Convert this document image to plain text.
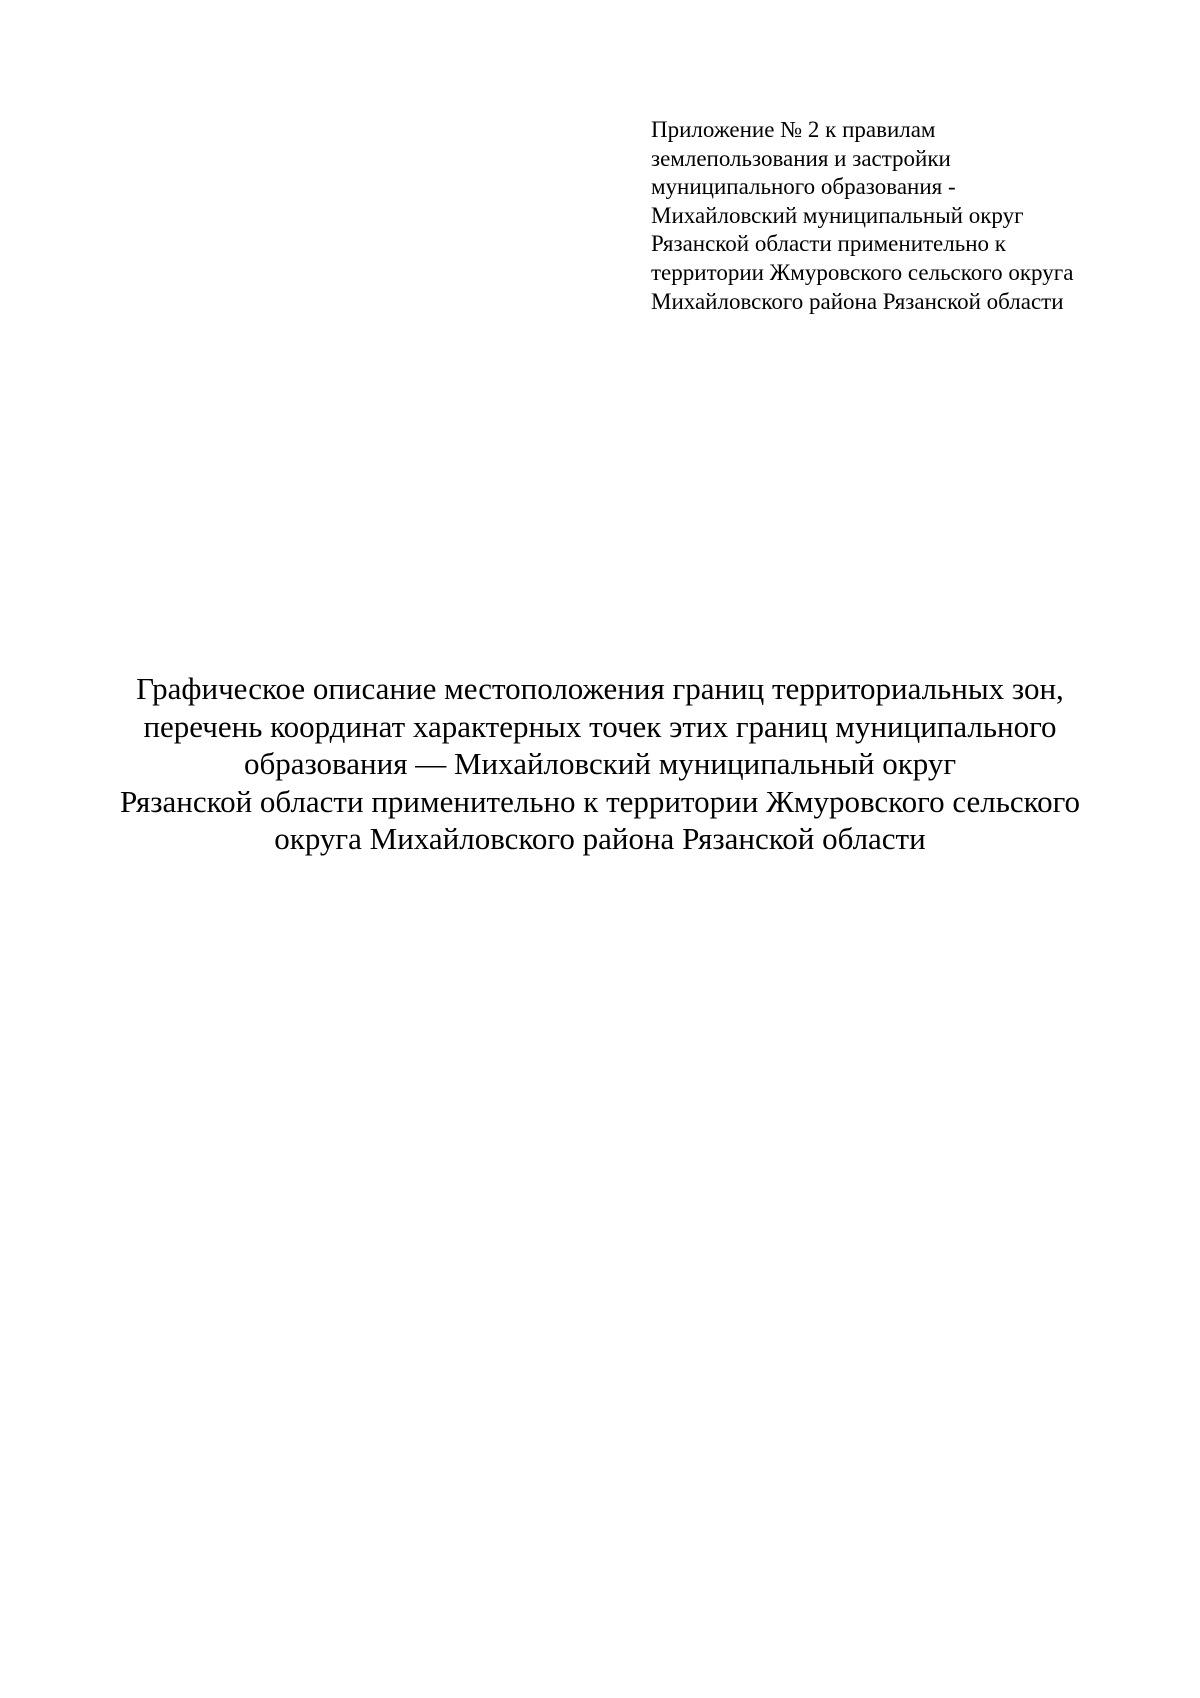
Приложение № 2 к правилам
землепользования и застройки
муниципального образования -
Михайловский муниципальный округ
Рязанской области применительно к
территории Жмуровского сельского округа
Михайловского района Рязанской области
Графическое описание местоположения границ территориальных зон,
перечень координат характерных точек этих границ муниципального
образования — Михайловский муниципальный округ
Рязанской области применительно к территории Жмуровского сельского
округа Михайловского района Рязанской области
